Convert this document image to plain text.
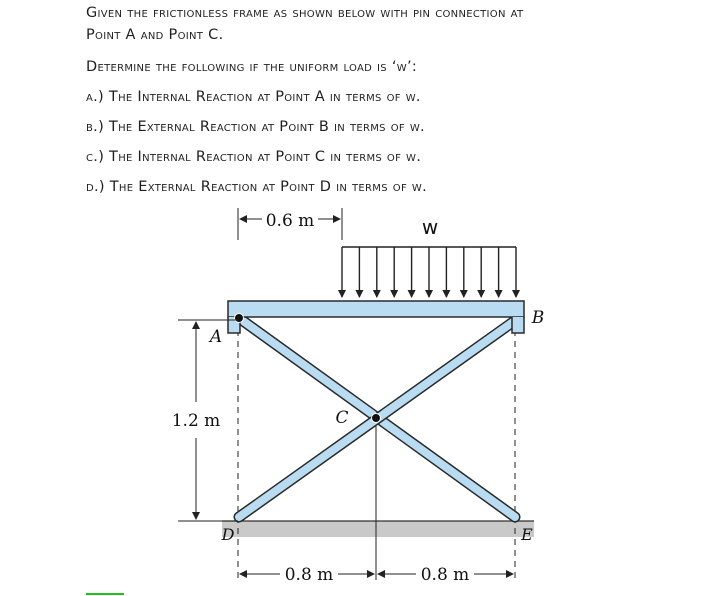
Given the frictionless frame as shown below with pin connection at

Point A and Point C.

Determine the following if the uniform load is ‘w’:

a.) The Internal Reaction at Point A in terms of w.

b.) The External Reaction at Point B in terms of w.

c.) The Internal Reaction at Point C in terms of w.

d.) The External Reaction at Point D in terms of w.

w
0.6 m
1.2 m
0.8 m	0.8 m
A
B
C
D	E
